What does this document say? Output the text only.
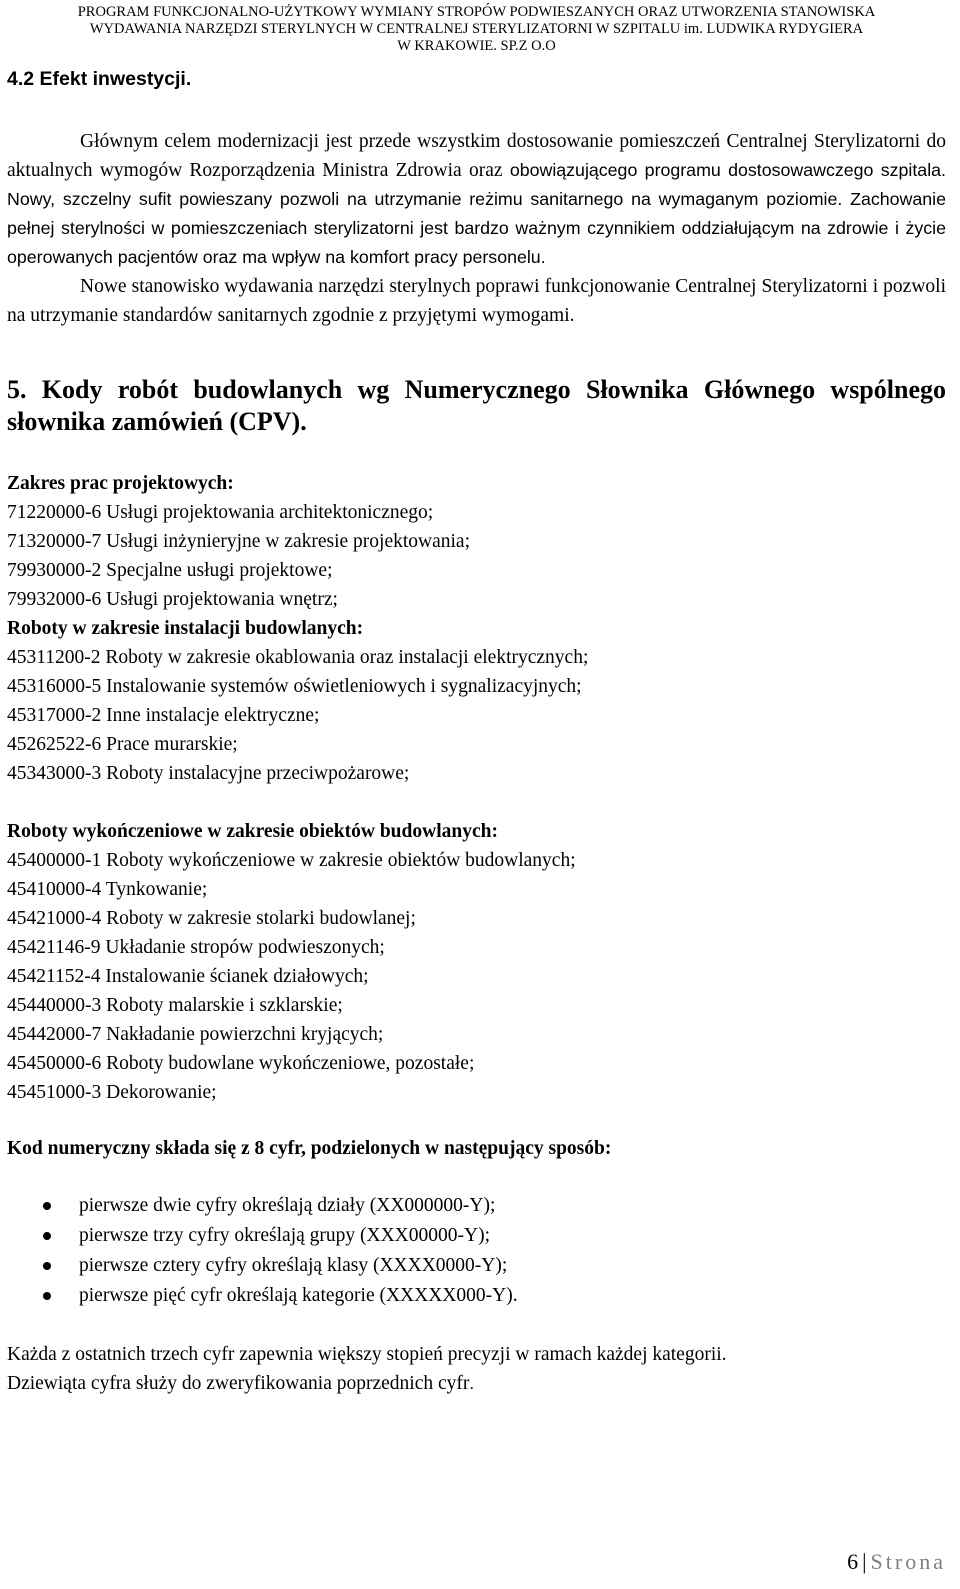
PROGRAM FUNKCJONALNO-UŻYTKOWY WYMIANY STROPÓW PODWIESZANYCH ORAZ UTWORZENIA STANOWISKA
WYDAWANIA NARZĘDZI STERYLNYCH W CENTRALNEJ STERYLIZATORNI W SZPITALU im. LUDWIKA RYDYGIERA
W KRAKOWIE. SP.Z O.O
4.2 Efekt inwestycji.
Głównym celem modernizacji jest przede wszystkim dostosowanie pomieszczeń Centralnej Sterylizatorni do aktualnych wymogów Rozporządzenia Ministra Zdrowia oraz obowiązującego programu dostosowawczego szpitala. Nowy, szczelny sufit powieszany pozwoli na utrzymanie reżimu sanitarnego na wymaganym poziomie. Zachowanie pełnej sterylności w pomieszczeniach sterylizatorni jest bardzo ważnym czynnikiem oddziałującym na zdrowie i życie operowanych pacjentów oraz ma wpływ na komfort pracy personelu.
Nowe stanowisko wydawania narzędzi sterylnych poprawi funkcjonowanie Centralnej Sterylizatorni i pozwoli na utrzymanie standardów sanitarnych zgodnie z przyjętymi wymogami.
5. Kody robót budowlanych wg Numerycznego Słownika Głównego wspólnego słownika zamówień (CPV).
Zakres prac projektowych:
71220000-6 Usługi projektowania architektonicznego;
71320000-7 Usługi inżynieryjne w zakresie projektowania;
79930000-2 Specjalne usługi projektowe;
79932000-6 Usługi projektowania wnętrz;
Roboty w zakresie instalacji budowlanych:
45311200-2 Roboty w zakresie okablowania oraz instalacji elektrycznych;
45316000-5 Instalowanie systemów oświetleniowych i sygnalizacyjnych;
45317000-2 Inne instalacje elektryczne;
45262522-6 Prace murarskie;
45343000-3 Roboty instalacyjne przeciwpożarowe;
Roboty wykończeniowe w zakresie obiektów budowlanych:
45400000-1 Roboty wykończeniowe w zakresie obiektów budowlanych;
45410000-4 Tynkowanie;
45421000-4 Roboty w zakresie stolarki budowlanej;
45421146-9 Układanie stropów podwieszonych;
45421152-4 Instalowanie ścianek działowych;
45440000-3 Roboty malarskie i szklarskie;
45442000-7 Nakładanie powierzchni kryjących;
45450000-6 Roboty budowlane wykończeniowe, pozostałe;
45451000-3 Dekorowanie;
Kod numeryczny składa się z 8 cyfr, podzielonych w następujący sposób:
pierwsze dwie cyfry określają działy (XX000000-Y);
pierwsze trzy cyfry określają grupy (XXX00000-Y);
pierwsze cztery cyfry określają klasy (XXXX0000-Y);
pierwsze pięć cyfr określają kategorie (XXXXX000-Y).
Każda z ostatnich trzech cyfr zapewnia większy stopień precyzji w ramach każdej kategorii.
Dziewiąta cyfra służy do zweryfikowania poprzednich cyfr.
6 | Strona
